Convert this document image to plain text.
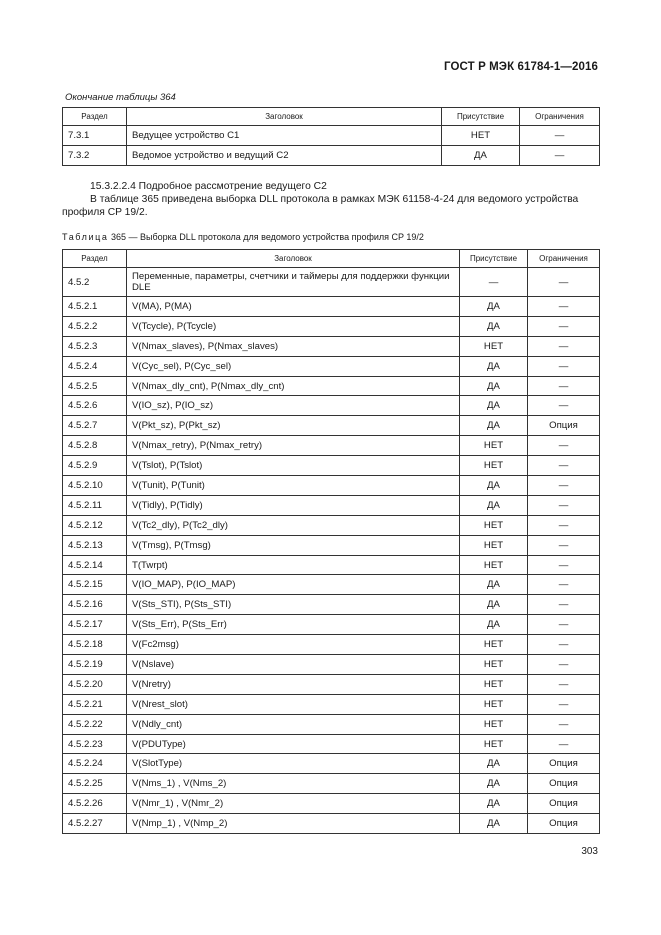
ГОСТ Р МЭК 61784-1—2016
Окончание таблицы 364
Раздел	Заголовок	Присутствие	Ограничения
7.3.1	Ведущее устройство С1	НЕТ	—
7.3.2	Ведомое устройство и ведущий С2	ДА	—
15.3.2.2.4 Подробное рассмотрение ведущего С2
В таблице 365 приведена выборка DLL протокола в рамках МЭК 61158-4-24 для ведомого устройства профиля CP 19/2.
Таблица 365 — Выборка DLL протокола для ведомого устройства профиля CP 19/2
Раздел	Заголовок	Присутствие	Ограничения
4.5.2	Переменные, параметры, счетчики и таймеры для поддержки функции DLE	—	—
4.5.2.1	V(MA), P(MA)	ДА	—
4.5.2.2	V(Tcycle), P(Tcycle)	ДА	—
4.5.2.3	V(Nmax_slaves), P(Nmax_slaves)	НЕТ	—
4.5.2.4	V(Cyc_sel), P(Cyc_sel)	ДА	—
4.5.2.5	V(Nmax_dly_cnt), P(Nmax_dly_cnt)	ДА	—
4.5.2.6	V(IO_sz), P(IO_sz)	ДА	—
4.5.2.7	V(Pkt_sz), P(Pkt_sz)	ДА	Опция
4.5.2.8	V(Nmax_retry), P(Nmax_retry)	НЕТ	—
4.5.2.9	V(Tslot), P(Tslot)	НЕТ	—
4.5.2.10	V(Tunit), P(Tunit)	ДА	—
4.5.2.11	V(Tidly), P(Tidly)	ДА	—
4.5.2.12	V(Tc2_dly), P(Tc2_dly)	НЕТ	—
4.5.2.13	V(Tmsg), P(Tmsg)	НЕТ	—
4.5.2.14	T(Twrpt)	НЕТ	—
4.5.2.15	V(IO_MAP), P(IO_MAP)	ДА	—
4.5.2.16	V(Sts_STI), P(Sts_STI)	ДА	—
4.5.2.17	V(Sts_Err), P(Sts_Err)	ДА	—
4.5.2.18	V(Fc2msg)	НЕТ	—
4.5.2.19	V(Nslave)	НЕТ	—
4.5.2.20	V(Nretry)	НЕТ	—
4.5.2.21	V(Nrest_slot)	НЕТ	—
4.5.2.22	V(Ndly_cnt)	НЕТ	—
4.5.2.23	V(PDUType)	НЕТ	—
4.5.2.24	V(SlotType)	ДА	Опция
4.5.2.25	V(Nms_1) , V(Nms_2)	ДА	Опция
4.5.2.26	V(Nmr_1) , V(Nmr_2)	ДА	Опция
4.5.2.27	V(Nmp_1) , V(Nmp_2)	ДА	Опция
303
